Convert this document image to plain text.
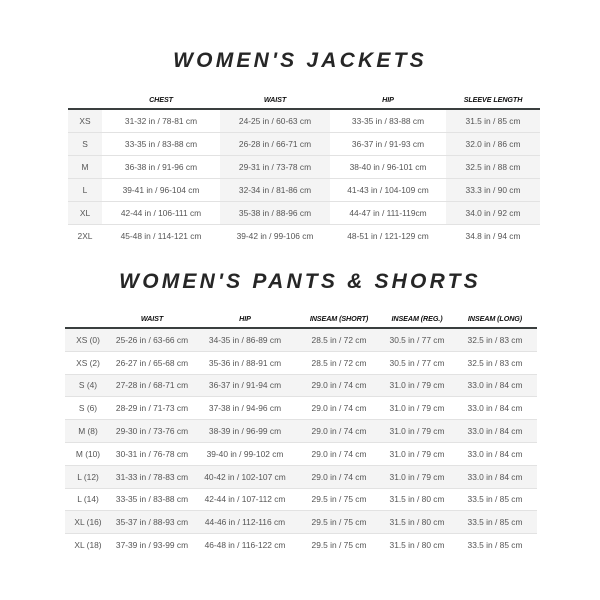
WOMEN'S JACKETS
	CHEST	WAIST	HIP	SLEEVE LENGTH
XS	31-32 in / 78-81 cm	24-25 in / 60-63 cm	33-35 in / 83-88 cm	31.5 in / 85 cm
S	33-35 in / 83-88 cm	26-28 in / 66-71 cm	36-37 in / 91-93 cm	32.0 in / 86 cm
M	36-38 in / 91-96 cm	29-31 in / 73-78 cm	38-40 in / 96-101 cm	32.5 in / 88 cm
L	39-41 in / 96-104 cm	32-34 in / 81-86 cm	41-43 in / 104-109 cm	33.3 in / 90 cm
XL	42-44 in / 106-111 cm	35-38 in / 88-96 cm	44-47 in / 111-119cm	34.0 in / 92 cm
2XL	45-48 in / 114-121 cm	39-42 in / 99-106 cm	48-51 in / 121-129 cm	34.8 in / 94 cm
WOMEN'S PANTS & SHORTS
	WAIST	HIP	INSEAM (SHORT)	INSEAM (REG.)	INSEAM (LONG)
XS (0)	25-26 in / 63-66 cm	34-35 in / 86-89 cm	28.5 in / 72 cm	30.5 in / 77 cm	32.5 in / 83 cm
XS (2)	26-27 in / 65-68 cm	35-36 in / 88-91 cm	28.5 in / 72 cm	30.5 in / 77 cm	32.5 in / 83 cm
S (4)	27-28 in / 68-71 cm	36-37 in / 91-94 cm	29.0 in / 74 cm	31.0 in / 79 cm	33.0 in / 84 cm
S (6)	28-29 in / 71-73 cm	37-38 in / 94-96 cm	29.0 in / 74 cm	31.0 in / 79 cm	33.0 in / 84 cm
M (8)	29-30 in / 73-76 cm	38-39 in / 96-99 cm	29.0 in / 74 cm	31.0 in / 79 cm	33.0 in / 84 cm
M (10)	30-31 in / 76-78 cm	39-40 in / 99-102 cm	29.0 in / 74 cm	31.0 in / 79 cm	33.0 in / 84 cm
L (12)	31-33 in / 78-83 cm	40-42 in / 102-107 cm	29.0 in / 74 cm	31.0 in / 79 cm	33.0 in / 84 cm
L (14)	33-35 in / 83-88 cm	42-44 in / 107-112 cm	29.5 in / 75 cm	31.5 in / 80 cm	33.5 in / 85 cm
XL (16)	35-37 in / 88-93 cm	44-46 in / 112-116 cm	29.5 in / 75 cm	31.5 in / 80 cm	33.5 in / 85 cm
XL (18)	37-39 in / 93-99 cm	46-48 in / 116-122 cm	29.5 in / 75 cm	31.5 in / 80 cm	33.5 in / 85 cm
